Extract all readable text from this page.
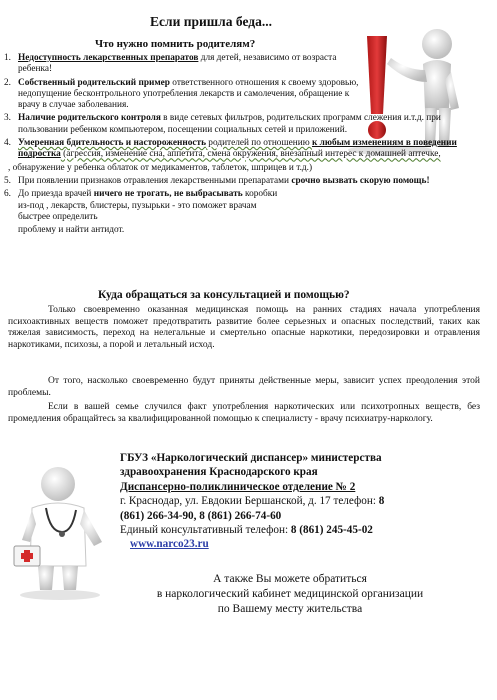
Если пришла беда...
Что нужно помнить родителям?
1. Недоступность лекарственных препаратов для детей, независимо от возраста ребенка!
2. Собственный родительский пример ответственного отношения к своему здоровью, недопущение бесконтрольного употребления лекарств и самолечения, обращение к врачу в случае заболевания.
3. Наличие родительского контроля в виде сетевых фильтров, родительских программ слежения и.т.д. при пользовании ребенком компьютером, посещении социальных сетей и приложений.
4. Умеренная бдительность и настороженность родителей по отношению к любым изменениям в поведении подростка (агрессия, изменение сна, аппетита, смена окружения, внезапный интерес к домашней аптечке,
, обнаружение у ребенка облаток от медикаментов, таблеток, шприцев и т.д.)
5. При появлении признаков отравления лекарственными препаратами срочно вызвать скорую помощь!
6. До приезда врачей ничего не трогать, не выбрасывать коробки из-под , лекарств, блистеры, пузырьки - это поможет врачам быстрее определить
проблему и найти антидот.
Куда обращаться за консультацией и помощью?
Только своевременно оказанная медицинская помощь на ранних стадиях начала употребления психоактивных веществ поможет предотвратить развитие более серьезных и опасных последствий, таких как тяжелая зависимость, переход на нелегальные и смертельно опасные наркотики, передозировки и отравления наркотиками, психозы, а порой и летальный исход.
От того, насколько своевременно будут приняты действенные меры, зависит успех преодоления этой проблемы.
Если в вашей семье случился факт употребления наркотических или психотропных веществ, без промедления обращайтесь за квалифицированной помощью к специалисту - врачу психиатру-наркологу.
ГБУЗ «Наркологический диспансер» министерства
здравоохранения Краснодарского края
Диспансерно-поликлиническое отделение № 2
г. Краснодар, ул. Евдокии Бершанской, д. 17 телефон: 8
(861) 266-34-90, 8 (861) 266-74-60
Единый консультативный телефон: 8 (861) 245-45-02
www.narco23.ru
А также Вы можете обратиться
в наркологический кабинет медицинской организации
по Вашему месту жительства
